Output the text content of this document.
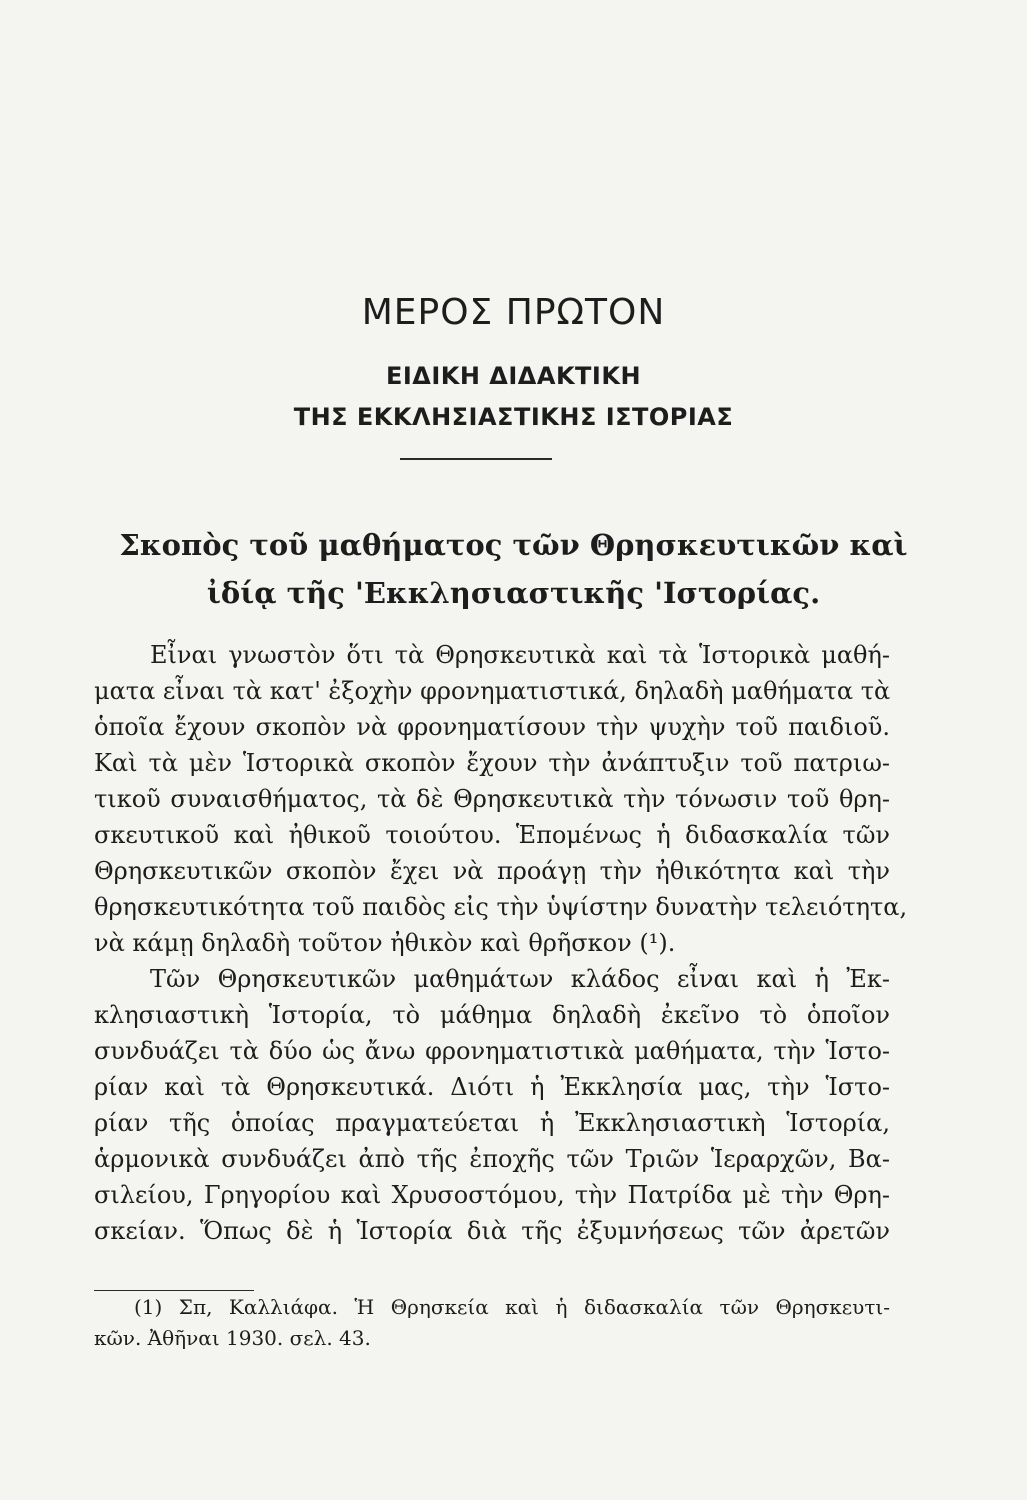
ΜΕΡΟΣ ΠΡΩΤΟΝ
ΕΙΔΙΚΗ ΔΙΔΑΚΤΙΚΗ
ΤΗΣ ΕΚΚΛΗΣΙΑΣΤΙΚΗΣ ΙΣΤΟΡΙΑΣ
Σκοπὸς τοῦ μαθήματος τῶν Θρησκευτικῶν καὶ
ἰδίᾳ τῆς 'Εκκλησιαστικῆς 'Ιστορίας.

Εἶναι γνωστὸν ὅτι τὰ Θρησκευτικὰ καὶ τὰ Ἱστορικὰ μαθή-

ματα εἶναι τὰ κατ' ἐξοχὴν φρονηματιστικά, δηλαδὴ μαθήματα τὰ

ὁποῖα ἔχουν σκοπὸν νὰ φρονηματίσουν τὴν ψυχὴν τοῦ παιδιοῦ.

Καὶ τὰ μὲν Ἱστορικὰ σκοπὸν ἔχουν τὴν ἀνάπτυξιν τοῦ πατριω-

τικοῦ συναισθήματος, τὰ δὲ Θρησκευτικὰ τὴν τόνωσιν τοῦ θρη-

σκευτικοῦ καὶ ἠθικοῦ τοιούτου. Ἑπομένως ἡ διδασκαλία τῶν

Θρησκευτικῶν σκοπὸν ἔχει νὰ προάγῃ τὴν ἠθικότητα καὶ τὴν

θρησκευτικότητα τοῦ παιδὸς εἰς τὴν ὑψίστην δυνατὴν τελειότητα,

νὰ κάμῃ δηλαδὴ τοῦτον ἠθικὸν καὶ θρῆσκον (¹).

Τῶν Θρησκευτικῶν μαθημάτων κλάδος εἶναι καὶ ἡ Ἐκ-

κλησιαστικὴ Ἱστορία, τὸ μάθημα δηλαδὴ ἐκεῖνο τὸ ὁποῖον

συνδυάζει τὰ δύο ὡς ἄνω φρονηματιστικὰ μαθήματα, τὴν Ἱστο-

ρίαν καὶ τὰ Θρησκευτικά. Διότι ἡ Ἐκκλησία μας, τὴν Ἱστο-

ρίαν τῆς ὁποίας πραγματεύεται ἡ Ἐκκλησιαστικὴ Ἱστορία,

ἁρμονικὰ συνδυάζει ἀπὸ τῆς ἐποχῆς τῶν Τριῶν Ἱεραρχῶν, Βα-

σιλείου, Γρηγορίου καὶ Χρυσοστόμου, τὴν Πατρίδα μὲ τὴν Θρη-

σκείαν. Ὅπως δὲ ἡ Ἱστορία διὰ τῆς ἐξυμνήσεως τῶν ἀρετῶν

(1) Σπ, Καλλιάφα. Ἡ Θρησκεία καὶ ἡ διδασκαλία τῶν Θρησκευτι-

κῶν. Ἀθῆναι 1930. σελ. 43.
